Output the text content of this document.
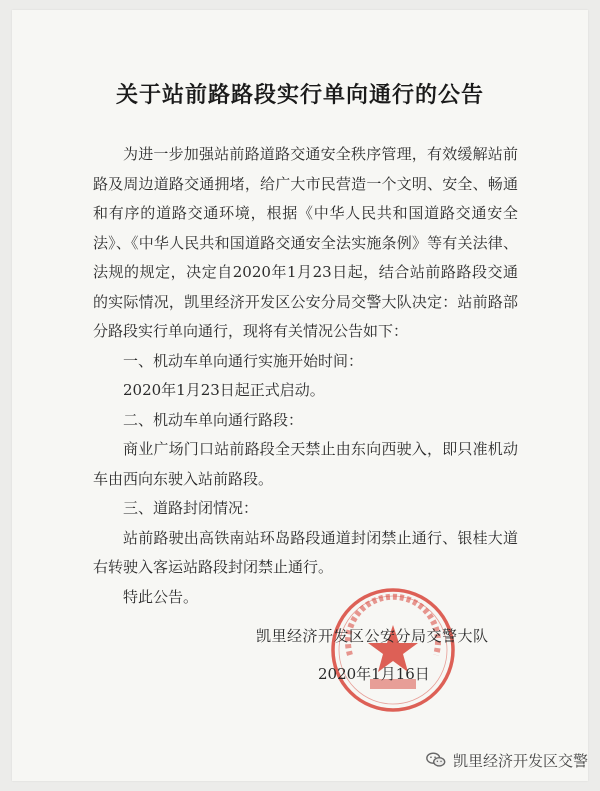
关于站前路路段实行单向通行的公告

为进一步加强站前路道路交通安全秩序管理，有效缓解站前路及周边道路交通拥堵，给广大市民营造一个文明、安全、畅通和有序的道路交通环境，根据《中华人民共和国道路交通安全法》、《中华人民共和国道路交通安全法实施条例》等有关法律、法规的规定，决定自2020年1月23日起，结合站前路路段交通的实际情况，凯里经济开发区公安分局交警大队决定：站前路部分路段实行单向通行，现将有关情况公告如下：

一、机动车单向通行实施开始时间：

2020年1月23日起正式启动。

二、机动车单向通行路段：

商业广场门口站前路段全天禁止由东向西驶入，即只准机动车由西向东驶入站前路段。

三、道路封闭情况：

站前路驶出高铁南站环岛路段通道封闭禁止通行、银桂大道右转驶入客运站路段封闭禁止通行。

特此公告。

凯里经济开发区公安分局交警大队
2020年1月16日
凯里经济开发区交警
